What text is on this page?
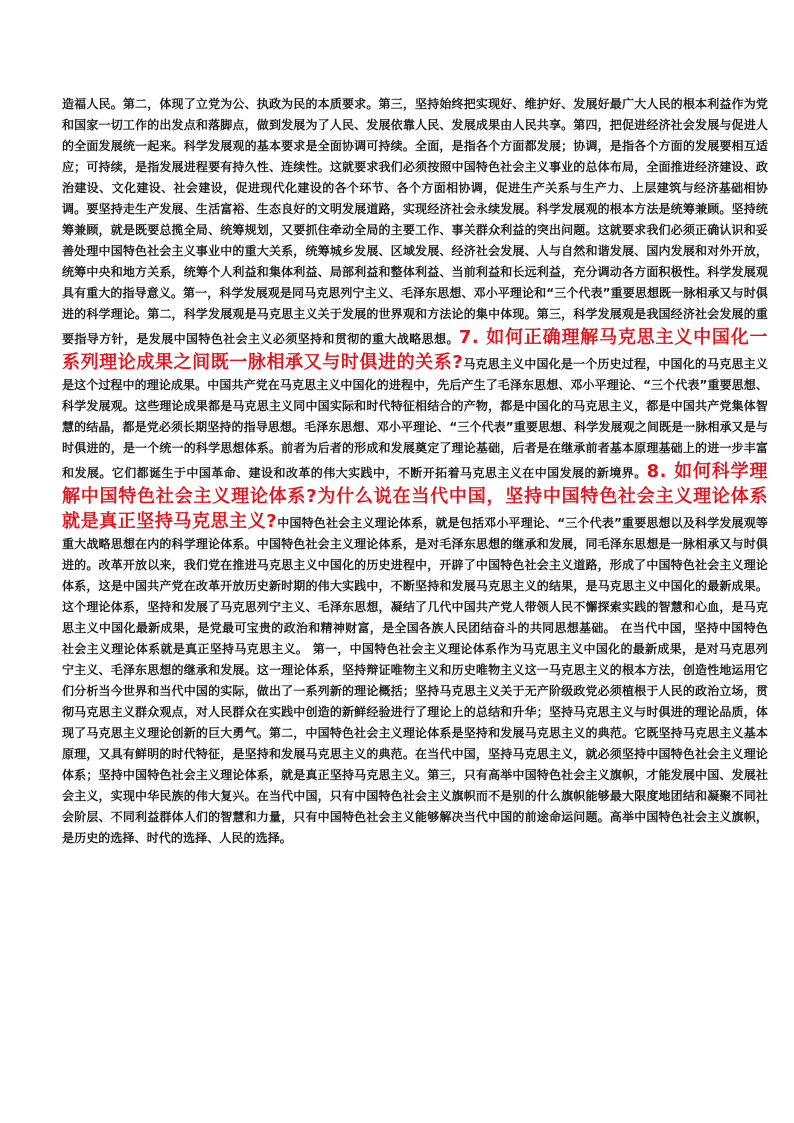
造福人民。第二，体现了立党为公、执政为民的本质要求。第三，坚持始终把实现好、维护好、发展好最广大人民的根本利益作为党和国家一切工作的出发点和落脚点，做到发展为了人民、发展依靠人民、发展成果由人民共享。第四，把促进经济社会发展与促进人的全面发展统一起来。科学发展观的基本要求是全面协调可持续。全面，是指各个方面都发展；协调，是指各个方面的发展要相互适应；可持续，是指发展进程要有持久性、连续性。这就要求我们必须按照中国特色社会主义事业的总体布局，全面推进经济建设、政治建设、文化建设、社会建设，促进现代化建设的各个环节、各个方面相协调，促进生产关系与生产力、上层建筑与经济基础相协调。要坚持走生产发展、生活富裕、生态良好的文明发展道路，实现经济社会永续发展。科学发展观的根本方法是统筹兼顾。坚持统筹兼顾，就是既要总揽全局、统筹规划，又要抓住牵动全局的主要工作、事关群众利益的突出问题。这就要求我们必须正确认识和妥善处理中国特色社会主义事业中的重大关系，统筹城乡发展、区域发展、经济社会发展、人与自然和谐发展、国内发展和对外开放，统筹中央和地方关系，统筹个人利益和集体利益、局部利益和整体利益、当前利益和长远利益，充分调动各方面积极性。科学发展观具有重大的指导意义。第一，科学发展观是同马克思列宁主义、毛泽东思想、邓小平理论和“三个代表”重要思想既一脉相承又与时俱进的科学理论。第二，科学发展观是马克思主义关于发展的世界观和方法论的集中体现。第三，科学发展观是我国经济社会发展的重要指导方针，是发展中国特色社会主义必须坚持和贯彻的重大战略思想。

7. 如何正确理解马克思主义中国化一系列理论成果之间既一脉相承又与时俱进的关系?

马克思主义中国化是一个历史过程，中国化的马克思主义是这个过程中的理论成果。中国共产党在马克思主义中国化的进程中，先后产生了毛泽东思想、邓小平理论、“三个代表”重要思想、科学发展观。这些理论成果都是马克思主义同中国实际和时代特征相结合的产物，都是中国化的马克思主义，都是中国共产党集体智慧的结晶，都是党必须长期坚持的指导思想。毛泽东思想、邓小平理论、“三个代表”重要思想、科学发展观之间既是一脉相承又是与时俱进的，是一个统一的科学思想体系。前者为后者的形成和发展奠定了理论基础，后者是在继承前者基本原理基础上的进一步丰富和发展。它们都诞生于中国革命、建设和改革的伟大实践中，不断开拓着马克思主义在中国发展的新境界。

8. 如何科学理解中国特色社会主义理论体系?为什么说在当代中国，坚持中国特色社会主义理论体系就是真正坚持马克思主义?

中国特色社会主义理论体系，就是包括邓小平理论、“三个代表”重要思想以及科学发展观等重大战略思想在内的科学理论体系。中国特色社会主义理论体系，是对毛泽东思想的继承和发展，同毛泽东思想是一脉相承又与时俱进的。改革开放以来，我们党在推进马克思主义中国化的历史进程中，开辟了中国特色社会主义道路，形成了中国特色社会主义理论体系，这是中国共产党在改革开放历史新时期的伟大实践中，不断坚持和发展马克思主义的结果，是马克思主义中国化的最新成果。这个理论体系，坚持和发展了马克思列宁主义、毛泽东思想，凝结了几代中国共产党人带领人民不懈探索实践的智慧和心血，是马克思主义中国化最新成果，是党最可宝贵的政治和精神财富，是全国各族人民团结奋斗的共同思想基础。 在当代中国，坚持中国特色社会主义理论体系就是真正坚持马克思主义。 第一，中国特色社会主义理论体系作为马克思主义中国化的最新成果，是对马克思列宁主义、毛泽东思想的继承和发展。这一理论体系，坚持辩证唯物主义和历史唯物主义这一马克思主义的根本方法，创造性地运用它们分析当今世界和当代中国的实际，做出了一系列新的理论概括；坚持马克思主义关于无产阶级政党必须植根于人民的政治立场，贯彻马克思主义群众观点，对人民群众在实践中创造的新鲜经验进行了理论上的总结和升华；坚持马克思主义与时俱进的理论品质，体现了马克思主义理论创新的巨大勇气。第二，中国特色社会主义理论体系是坚持和发展马克思主义的典范。它既坚持马克思主义基本原理，又具有鲜明的时代特征，是坚持和发展马克思主义的典范。在当代中国，坚持马克思主义，就必须坚持中国特色社会主义理论体系；坚持中国特色社会主义理论体系，就是真正坚持马克思主义。第三，只有高举中国特色社会主义旗帜，才能发展中国、发展社会主义，实现中华民族的伟大复兴。在当代中国，只有中国特色社会主义旗帜而不是别的什么旗帜能够最大限度地团结和凝聚不同社会阶层、不同利益群体人们的智慧和力量，只有中国特色社会主义能够解决当代中国的前途命运问题。高举中国特色社会主义旗帜，是历史的选择、时代的选择、人民的选择。
